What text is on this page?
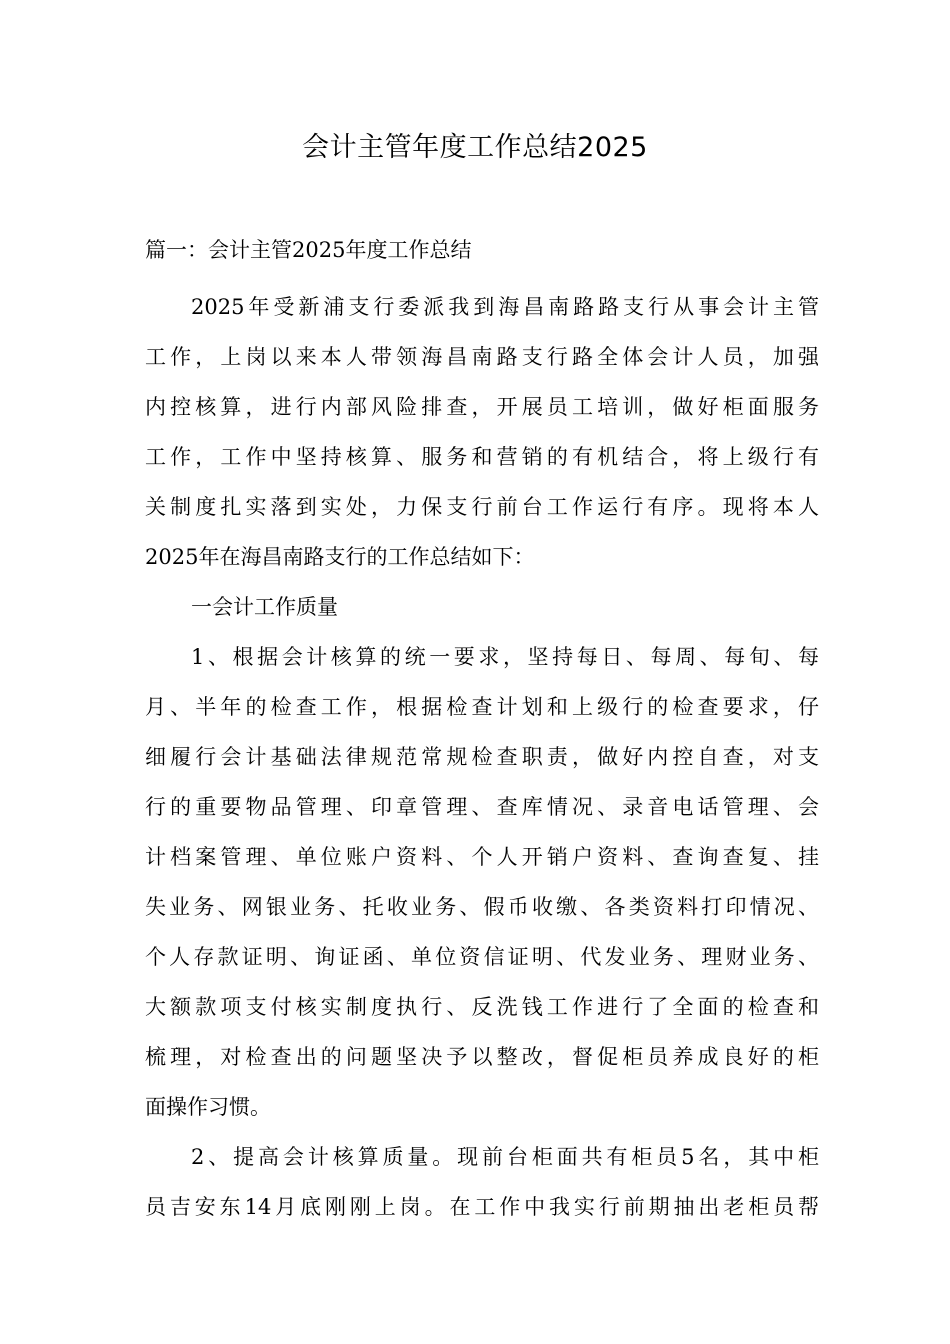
会计主管年度工作总结2025
篇一：会计主管2025年度工作总结
2025年受新浦支行委派我到海昌南路路支行从事会计主管
工作，上岗以来本人带领海昌南路支行路全体会计人员，加强
内控核算，进行内部风险排查，开展员工培训，做好柜面服务
工作，工作中坚持核算、服务和营销的有机结合，将上级行有
关制度扎实落到实处，力保支行前台工作运行有序。现将本人
2025年在海昌南路支行的工作总结如下：
一会计工作质量
1、根据会计核算的统一要求，坚持每日、每周、每旬、每
月、半年的检查工作，根据检查计划和上级行的检查要求，仔
细履行会计基础法律规范常规检查职责，做好内控自查，对支
行的重要物品管理、印章管理、查库情况、录音电话管理、会
计档案管理、单位账户资料、个人开销户资料、查询查复、挂
失业务、网银业务、托收业务、假币收缴、各类资料打印情况、
个人存款证明、询证函、单位资信证明、代发业务、理财业务、
大额款项支付核实制度执行、反洗钱工作进行了全面的检查和
梳理，对检查出的问题坚决予以整改，督促柜员养成良好的柜
面操作习惯。
2、提高会计核算质量。现前台柜面共有柜员5名，其中柜
员吉安东14月底刚刚上岗。在工作中我实行前期抽出老柜员帮
